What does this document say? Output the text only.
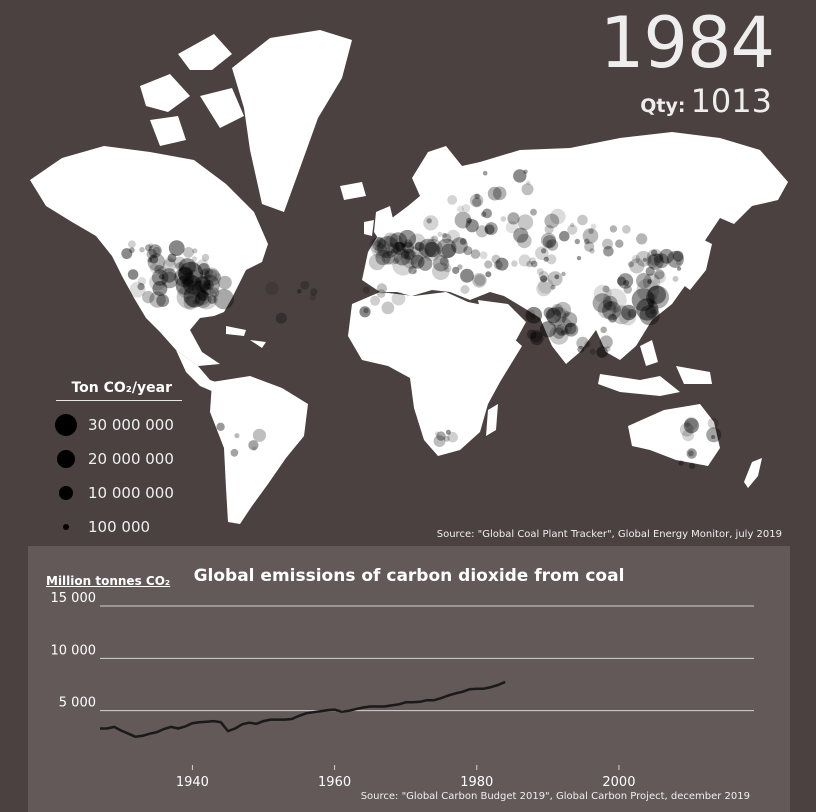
1984
Qty: 1013
Ton CO₂/year
30 000 000
20 000 000
10 000 000
100 000	Source: "Global Coal Plant Tracker", Global Energy Monitor, july 2019
5 000
10 000
15 000
1940	1960	1980	2000
Global emissions of carbon dioxide from coal
Million tonnes CO₂
Source: "Global Carbon Budget 2019", Global Carbon Project, december 2019
